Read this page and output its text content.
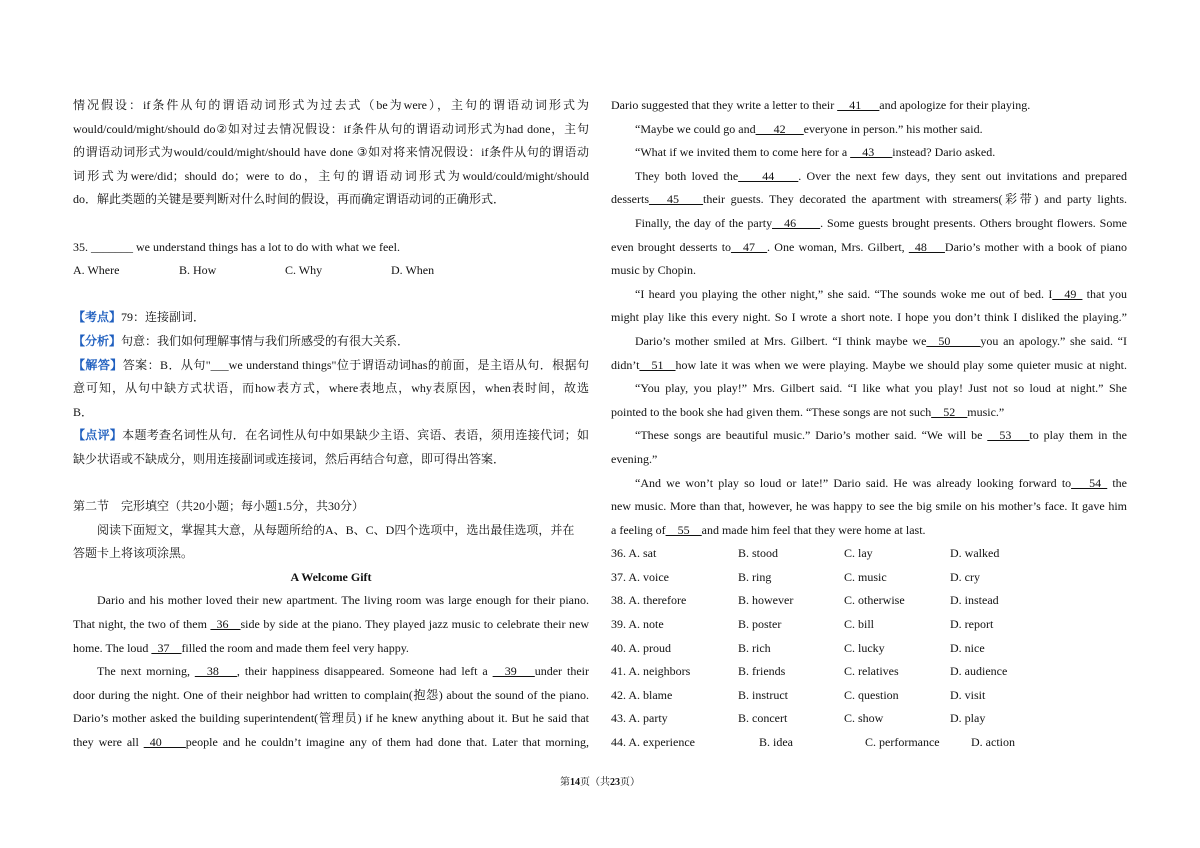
情况假设：if条件从句的谓语动词形式为过去式（be为were），主句的谓语动词形式为
would/could/might/should do②如对过去情况假设：if条件从句的谓语动词形式为had done，主句
的谓语动词形式为would/could/might/should have done ③如对将来情况假设：if条件从句的谓语动
词形式为were/did；should do；were to do，主句的谓语动词形式为would/could/might/should
do．解此类题的关键是要判断对什么时间的假设，再而确定谓语动词的正确形式．
35. _______ we understand things has a lot to do with what we feel.
A. Where	B. How	C. Why	D. When
【考点】79：连接副词．
【分析】句意：我们如何理解事情与我们所感受的有很大关系．
【解答】答案：B．从句"___we understand things"位于谓语动词has的前面，是主语从句．根据句
意可知，从句中缺方式状语，而how表方式，where表地点，why表原因，when表时间，故选
B．
【点评】本题考查名词性从句．在名词性从句中如果缺少主语、宾语、表语，须用连接代词；如
缺少状语或不缺成分，则用连接副词或连接词，然后再结合句意，即可得出答案．
第二节　完形填空（共20小题；每小题1.5分，共30分）
阅读下面短文，掌握其大意，从每题所给的A、B、C、D四个选项中，选出最佳选项，并在
答题卡上将该项涂黑。
A Welcome Gift
Dario and his mother loved their new apartment. The living room was large enough for their piano.
That night, the two of them _36__side by side at the piano. They played jazz music to celebrate their new
home. The loud _37__filled the room and made them feel very happy.
The next morning, __38___, their happiness disappeared. Someone had left a __39___under their
door during the night. One of their neighbor had written to complain(抱怨) about the sound of the piano.
Dario’s mother asked the building superintendent(管理员) if he knew anything about it. But he said that
they were all _40____people and he couldn’t imagine any of them had done that. Later that morning,
Dario suggested that they write a letter to their __41___and apologize for their playing.
“Maybe we could go and___42___everyone in person.” his mother said.
“What if we invited them to come here for a __43___instead? Dario asked.
They both loved the____44____. Over the next few days, they sent out invitations and prepared
desserts___45____their guests. They decorated the apartment with streamers(彩带) and party lights.
Finally, the day of the party__46____. Some guests brought presents. Others brought flowers. Some
even brought desserts to__47__. One woman, Mrs. Gilbert, _48___Dario’s mother with a book of piano
music by Chopin.
“I heard you playing the other night,” she said. “The sounds woke me out of bed. I__49_ that you
might play like this every night. So I wrote a short note. I hope you don’t think I disliked the playing.”
Dario’s mother smiled at Mrs. Gilbert. “I think maybe we__50_____you an apology.” she said. “I
didn’t__51__how late it was when we were playing. Maybe we should play some quieter music at night.
“You play, you play!” Mrs. Gilbert said. “I like what you play! Just not so loud at night.” She
pointed to the book she had given them. “These songs are not such__52__music.”
“These songs are beautiful music.” Dario’s mother said. “We will be __53___to play them in the
evening.”
“And we won’t play so loud or late!” Dario said. He was already looking forward to___54_ the
new music. More than that, however, he was happy to see the big smile on his mother’s face. It gave him
a feeling of__55__and made him feel that they were home at last.
36. A. sat	B. stood	C. lay	D. walked
37. A. voice	B. ring	C. music	D. cry
38. A. therefore	B. however	C. otherwise	D. instead
39. A. note	B. poster	C. bill	D. report
40. A. proud	B. rich	C. lucky	D. nice
41. A. neighbors	B. friends	C. relatives	D. audience
42. A. blame	B. instruct	C. question	D. visit
43. A. party	B. concert	C. show	D. play
44. A. experience	B. idea	C. performance	D. action
第14页（共23页）
